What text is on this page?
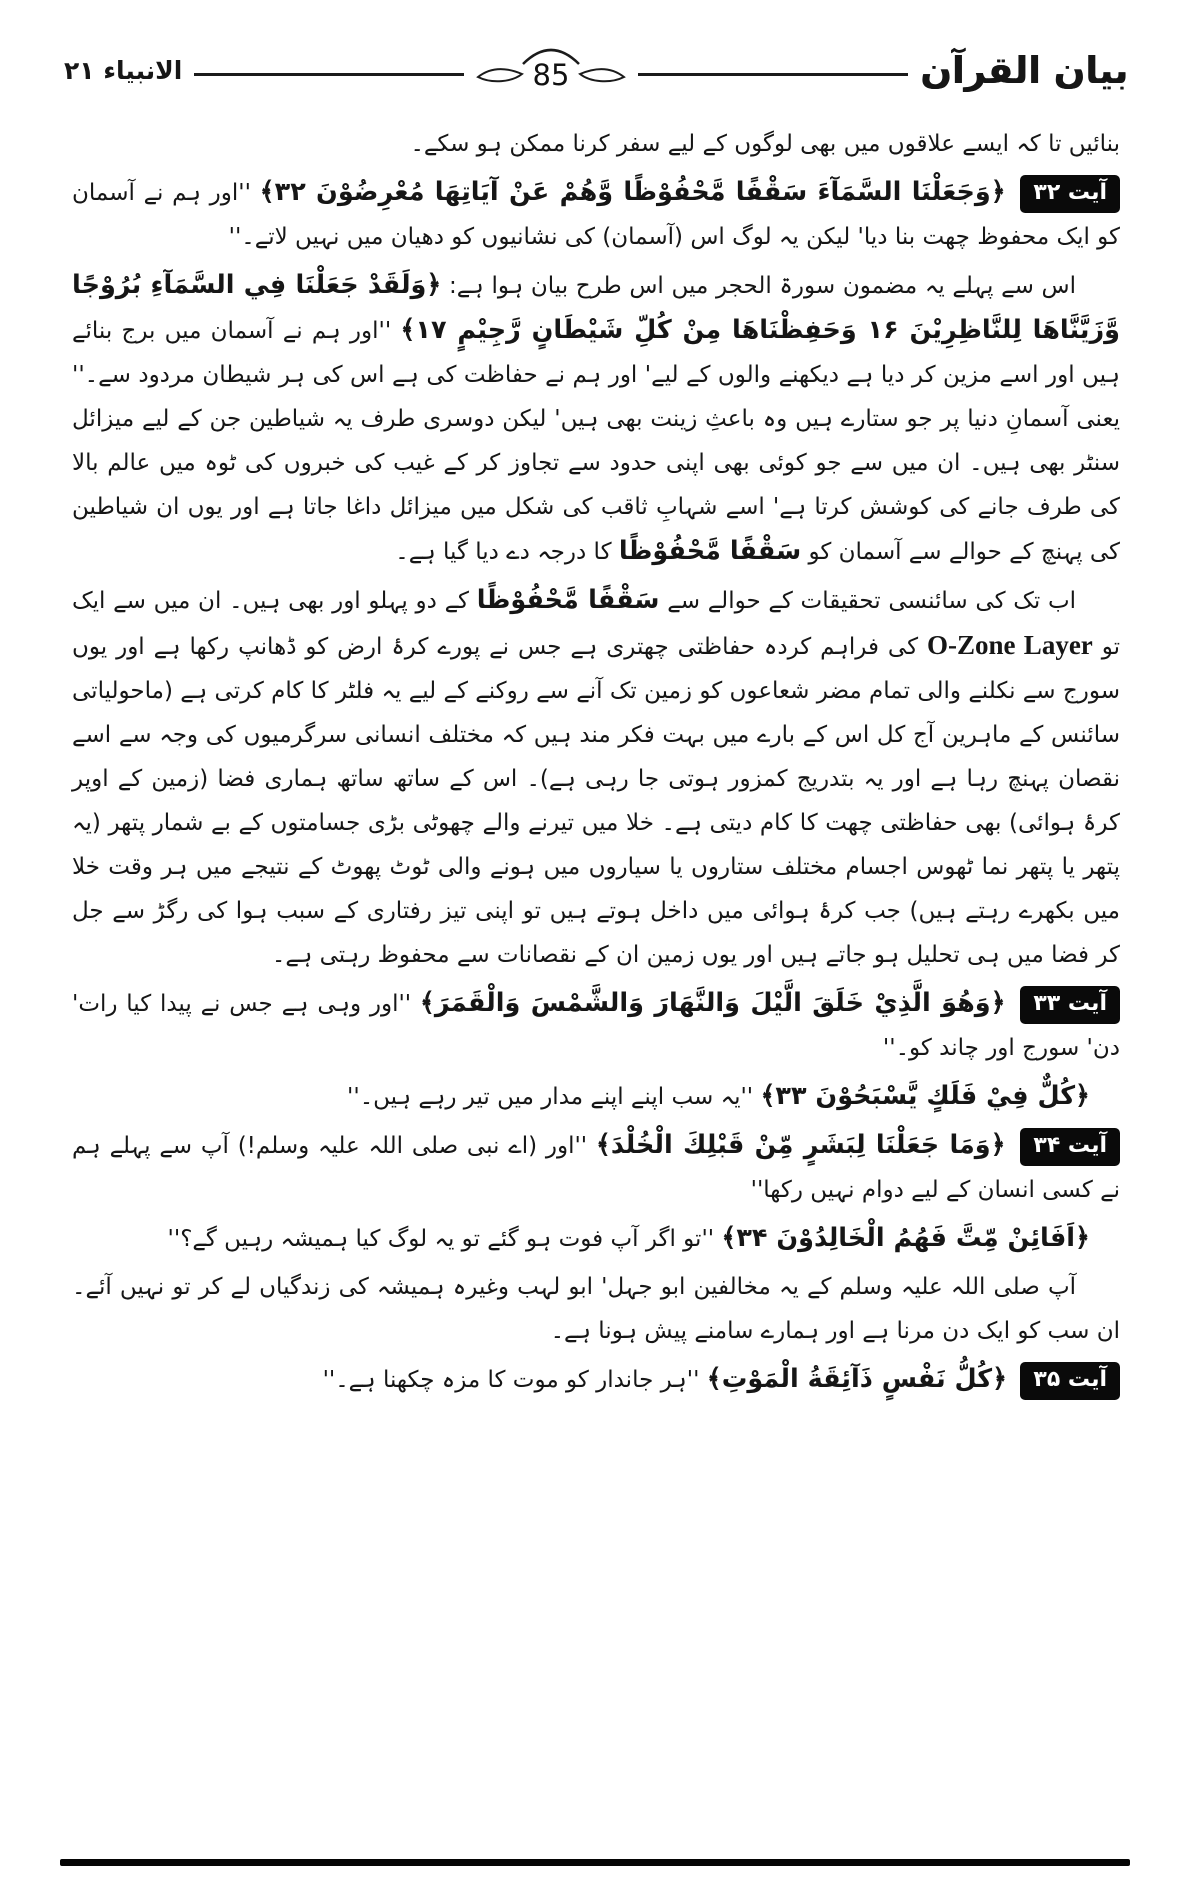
بیان القرآن
85
الانبیاء ۲۱

بنائیں تا کہ ایسے علاقوں میں بھی لوگوں کے لیے سفر کرنا ممکن ہو سکے۔

آیت ۳۲ ﴿وَجَعَلْنَا السَّمَآءَ سَقْفًا مَّحْفُوْظًا وَّهُمْ عَنْ آیَاتِهَا مُعْرِضُوْنَ ۳۲﴾ ''اور ہم نے آسمان کو ایک محفوظ چھت بنا دیا' لیکن یہ لوگ اس (آسمان) کی نشانیوں کو دھیان میں نہیں لاتے۔''

اس سے پہلے یہ مضمون سورۃ الحجر میں اس طرح بیان ہوا ہے: ﴿وَلَقَدْ جَعَلْنَا فِي السَّمَآءِ بُرُوْجًا وَّزَیَّنَّاهَا لِلنَّاظِرِیْنَ ۱۶ وَحَفِظْنَاهَا مِنْ كُلِّ شَیْطَانٍ رَّجِیْمٍ ۱۷﴾ ''اور ہم نے آسمان میں برج بنائے ہیں اور اسے مزین کر دیا ہے دیکھنے والوں کے لیے' اور ہم نے حفاظت کی ہے اس کی ہر شیطان مردود سے۔'' یعنی آسمانِ دنیا پر جو ستارے ہیں وہ باعثِ زینت بھی ہیں' لیکن دوسری طرف یہ شیاطین جن کے لیے میزائل سنٹر بھی ہیں۔ ان میں سے جو کوئی بھی اپنی حدود سے تجاوز کر کے غیب کی خبروں کی ٹوہ میں عالم بالا کی طرف جانے کی کوشش کرتا ہے' اسے شہابِ ثاقب کی شکل میں میزائل داغا جاتا ہے اور یوں ان شیاطین کی پہنچ کے حوالے سے آسمان کو سَقْفًا مَّحْفُوْظًا کا درجہ دے دیا گیا ہے۔

اب تک کی سائنسی تحقیقات کے حوالے سے سَقْفًا مَّحْفُوْظًا کے دو پہلو اور بھی ہیں۔ ان میں سے ایک تو O-Zone Layer کی فراہم کردہ حفاظتی چھتری ہے جس نے پورے کرۂ ارض کو ڈھانپ رکھا ہے اور یوں سورج سے نکلنے والی تمام مضر شعاعوں کو زمین تک آنے سے روکنے کے لیے یہ فلٹر کا کام کرتی ہے (ماحولیاتی سائنس کے ماہرین آج کل اس کے بارے میں بہت فکر مند ہیں کہ مختلف انسانی سرگرمیوں کی وجہ سے اسے نقصان پہنچ رہا ہے اور یہ بتدریج کمزور ہوتی جا رہی ہے)۔ اس کے ساتھ ساتھ ہماری فضا (زمین کے اوپر کرۂ ہوائی) بھی حفاظتی چھت کا کام دیتی ہے۔ خلا میں تیرنے والے چھوٹی بڑی جسامتوں کے بے شمار پتھر (یہ پتھر یا پتھر نما ٹھوس اجسام مختلف ستاروں یا سیاروں میں ہونے والی ٹوٹ پھوٹ کے نتیجے میں ہر وقت خلا میں بکھرے رہتے ہیں) جب کرۂ ہوائی میں داخل ہوتے ہیں تو اپنی تیز رفتاری کے سبب ہوا کی رگڑ سے جل کر فضا میں ہی تحلیل ہو جاتے ہیں اور یوں زمین ان کے نقصانات سے محفوظ رہتی ہے۔

آیت ۳۳ ﴿وَهُوَ الَّذِيْ خَلَقَ الَّیْلَ وَالنَّهَارَ وَالشَّمْسَ وَالْقَمَرَ﴾ ''اور وہی ہے جس نے پیدا کیا رات' دن' سورج اور چاند کو۔''

﴿كُلٌّ فِيْ فَلَكٍ یَّسْبَحُوْنَ ۳۳﴾ ''یہ سب اپنے اپنے مدار میں تیر رہے ہیں۔''

آیت ۳۴ ﴿وَمَا جَعَلْنَا لِبَشَرٍ مِّنْ قَبْلِكَ الْخُلْدَ﴾ ''اور (اے نبی صلی اللہ علیہ وسلم!) آپ سے پہلے ہم نے کسی انسان کے لیے دوام نہیں رکھا''

﴿اَفَائِنْ مِّتَّ فَهُمُ الْخَالِدُوْنَ ۳۴﴾ ''تو اگر آپ فوت ہو گئے تو یہ لوگ کیا ہمیشہ رہیں گے؟''

آپ صلی اللہ علیہ وسلم کے یہ مخالفین ابو جہل' ابو لہب وغیرہ ہمیشہ کی زندگیاں لے کر تو نہیں آئے۔ ان سب کو ایک دن مرنا ہے اور ہمارے سامنے پیش ہونا ہے۔

آیت ۳۵ ﴿كُلُّ نَفْسٍ ذَآئِقَةُ الْمَوْتِ﴾ ''ہر جاندار کو موت کا مزہ چکھنا ہے۔''
